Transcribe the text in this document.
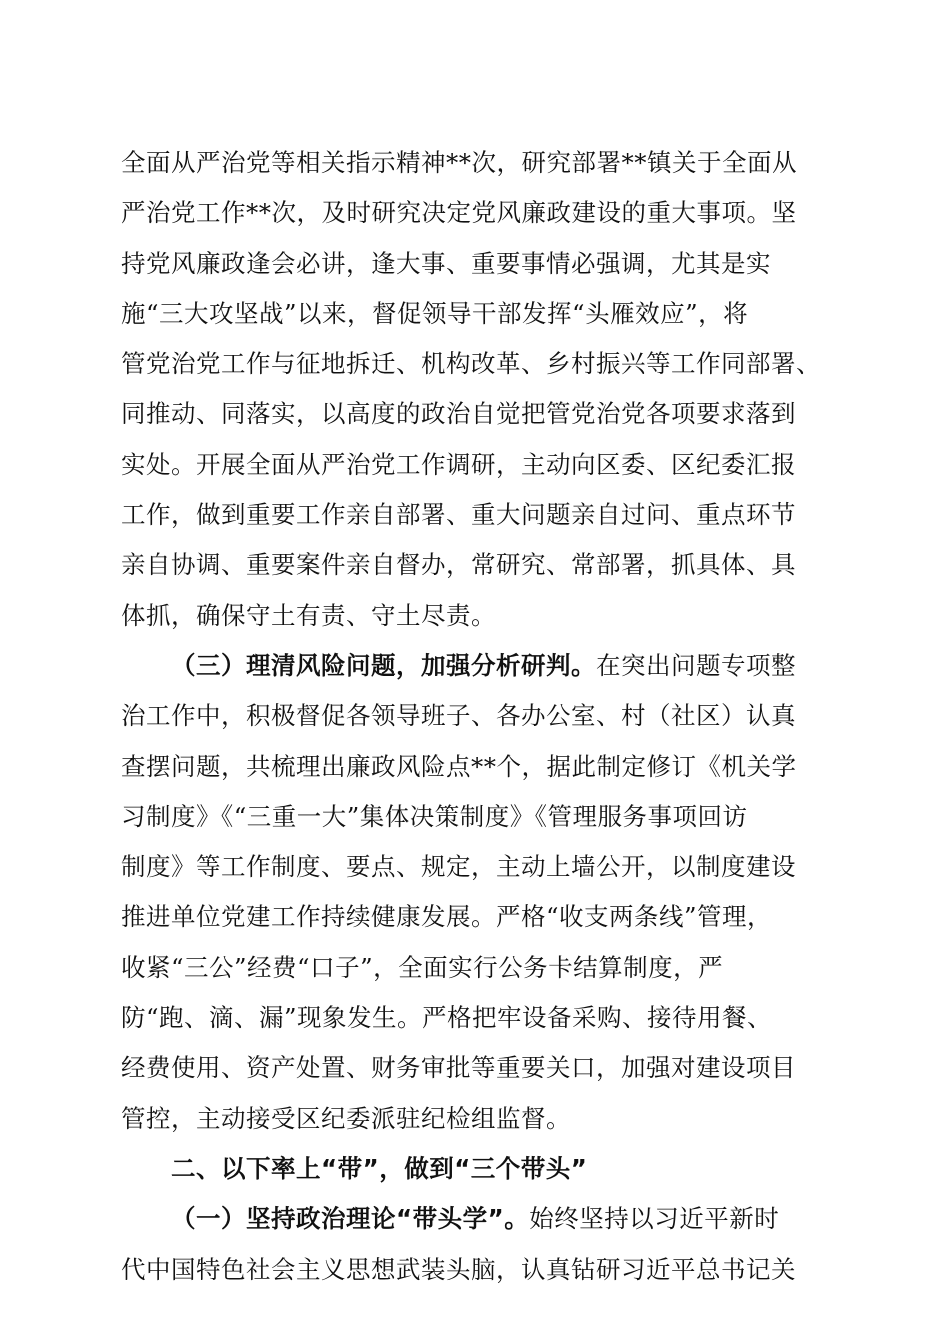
全面从严治党等相关指示精神**次，研究部署**镇关于全面从
严治党工作**次，及时研究决定党风廉政建设的重大事项。坚
持党风廉政逢会必讲，逢大事、重要事情必强调，尤其是实
施“三大攻坚战”以来，督促领导干部发挥“头雁效应”，将
管党治党工作与征地拆迁、机构改革、乡村振兴等工作同部署、
同推动、同落实，以高度的政治自觉把管党治党各项要求落到
实处。开展全面从严治党工作调研，主动向区委、区纪委汇报
工作，做到重要工作亲自部署、重大问题亲自过问、重点环节
亲自协调、重要案件亲自督办，常研究、常部署，抓具体、具
体抓，确保守土有责、守土尽责。
（三）理清风险问题，加强分析研判。在突出问题专项整
治工作中，积极督促各领导班子、各办公室、村（社区）认真
查摆问题，共梳理出廉政风险点**个，据此制定修订《机关学
习制度》《“三重一大”集体决策制度》《管理服务事项回访
制度》等工作制度、要点、规定，主动上墙公开，以制度建设
推进单位党建工作持续健康发展。严格“收支两条线”管理，
收紧“三公”经费“口子”，全面实行公务卡结算制度，严
防“跑、滴、漏”现象发生。严格把牢设备采购、接待用餐、
经费使用、资产处置、财务审批等重要关口，加强对建设项目
管控，主动接受区纪委派驻纪检组监督。
二、以下率上“带”，做到“三个带头”
（一）坚持政治理论“带头学”。始终坚持以习近平新时
代中国特色社会主义思想武装头脑，认真钻研习近平总书记关
